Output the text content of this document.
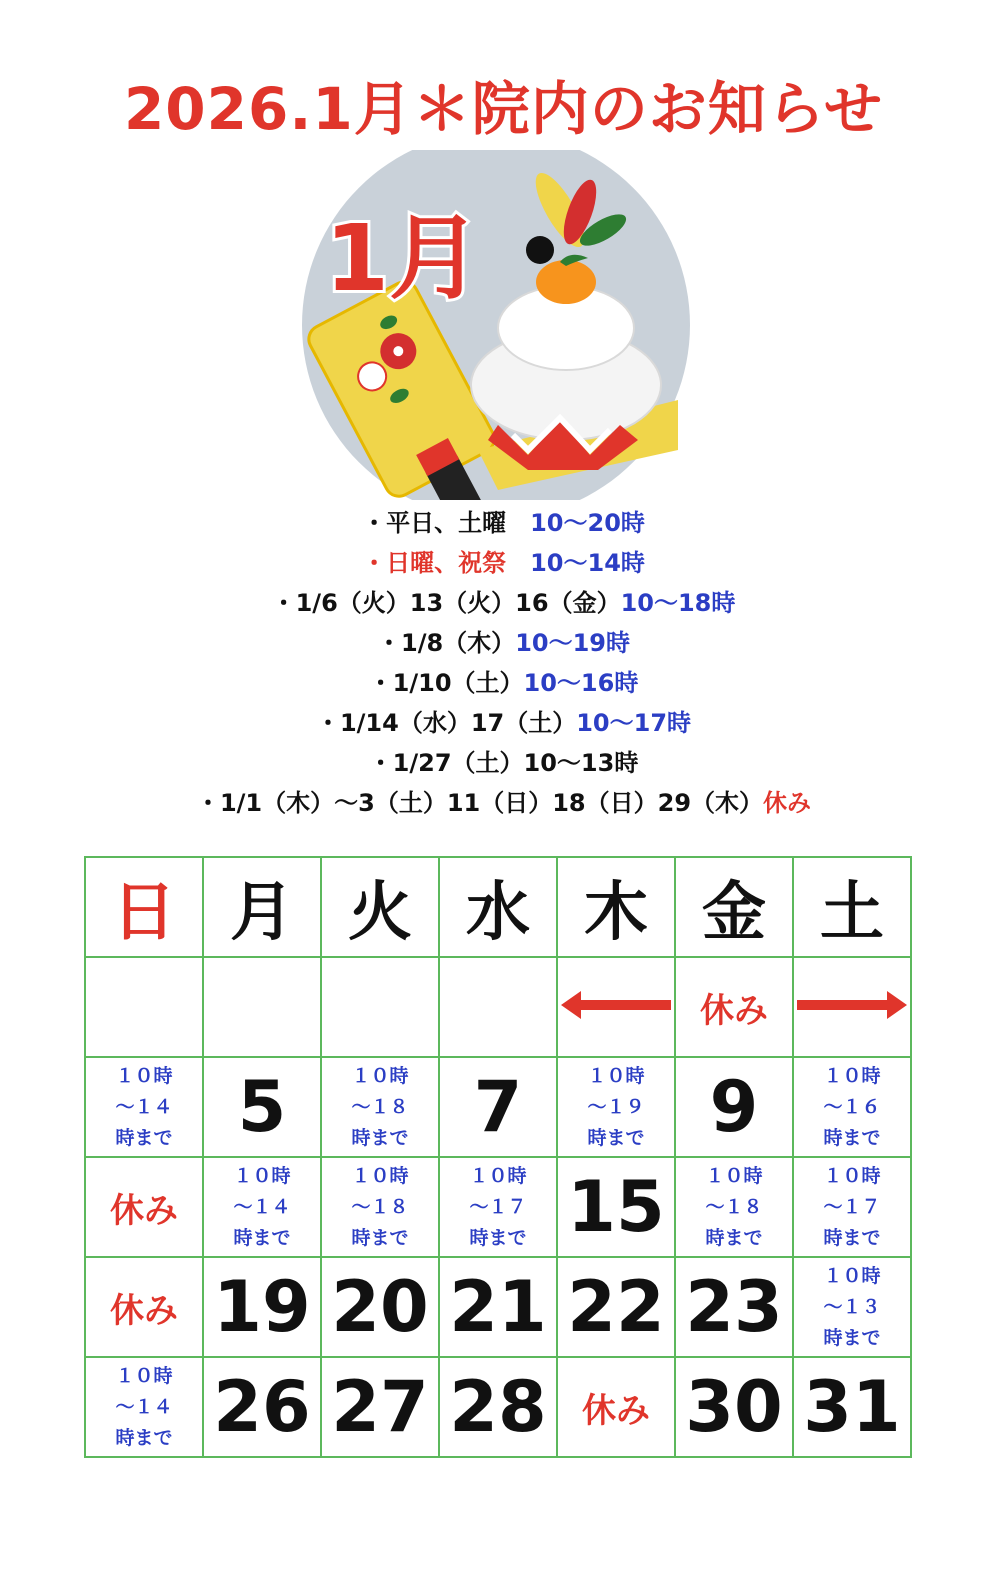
2026.1月＊院内のお知らせ
1月
・平日、土曜　10〜20時
・日曜、祝祭　10〜14時
・1/6（火）13（火）16（金）10〜18時
・1/8（木）10〜19時
・1/10（土）10〜16時
・1/14（水）17（土）10〜17時
・1/27（土）10〜13時
・1/1（木）〜3（土）11（日）18（日）29（木）休み
日	月	火	水	木	金	土
					休み	
１０時
〜１４
時まで	5	１０時
〜１８
時まで	7	１０時
〜１９
時まで	9	１０時
〜１６
時まで
休み	１０時
〜１４
時まで	１０時
〜１８
時まで	１０時
〜１７
時まで	15	１０時
〜１８
時まで	１０時
〜１７
時まで
休み	19	20	21	22	23	１０時
〜１３
時まで
１０時
〜１４
時まで	26	27	28	休み	30	31
